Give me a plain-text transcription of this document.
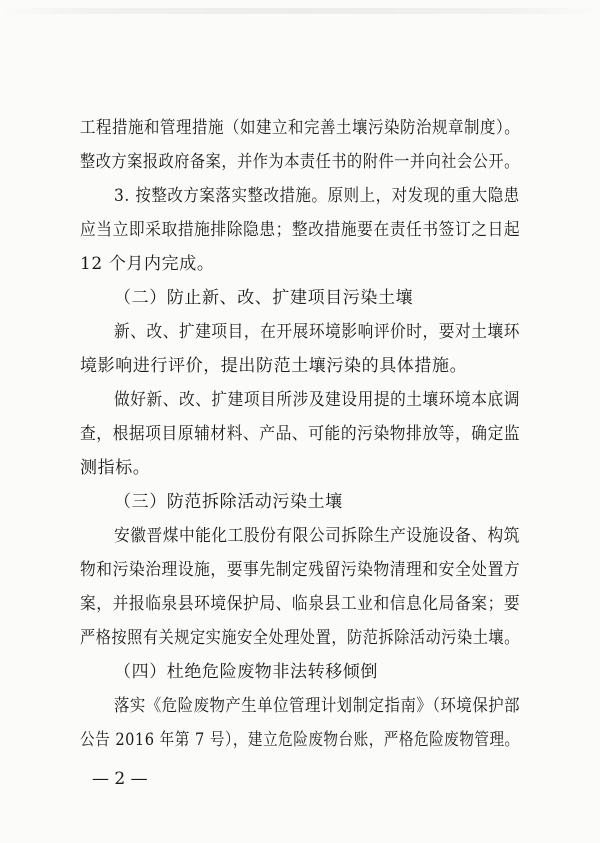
工程措施和管理措施（如建立和完善土壤污染防治规章制度）。
整改方案报政府备案，并作为本责任书的附件一并向社会公开。
3. 按整改方案落实整改措施。原则上，对发现的重大隐患
应当立即采取措施排除隐患；整改措施要在责任书签订之日起
12 个月内完成。
（二）防止新、改、扩建项目污染土壤
新、改、扩建项目，在开展环境影响评价时，要对土壤环
境影响进行评价，提出防范土壤污染的具体措施。
做好新、改、扩建项目所涉及建设用提的土壤环境本底调
查，根据项目原辅材料、产品、可能的污染物排放等，确定监
测指标。
（三）防范拆除活动污染土壤
安徽晋煤中能化工股份有限公司拆除生产设施设备、构筑
物和污染治理设施，要事先制定残留污染物清理和安全处置方
案，并报临泉县环境保护局、临泉县工业和信息化局备案；要
严格按照有关规定实施安全处理处置，防范拆除活动污染土壤。
（四）杜绝危险废物非法转移倾倒
落实《危险废物产生单位管理计划制定指南》（环境保护部
公告 2016 年第 7 号），建立危险废物台账，严格危险废物管理。
— 2 —
